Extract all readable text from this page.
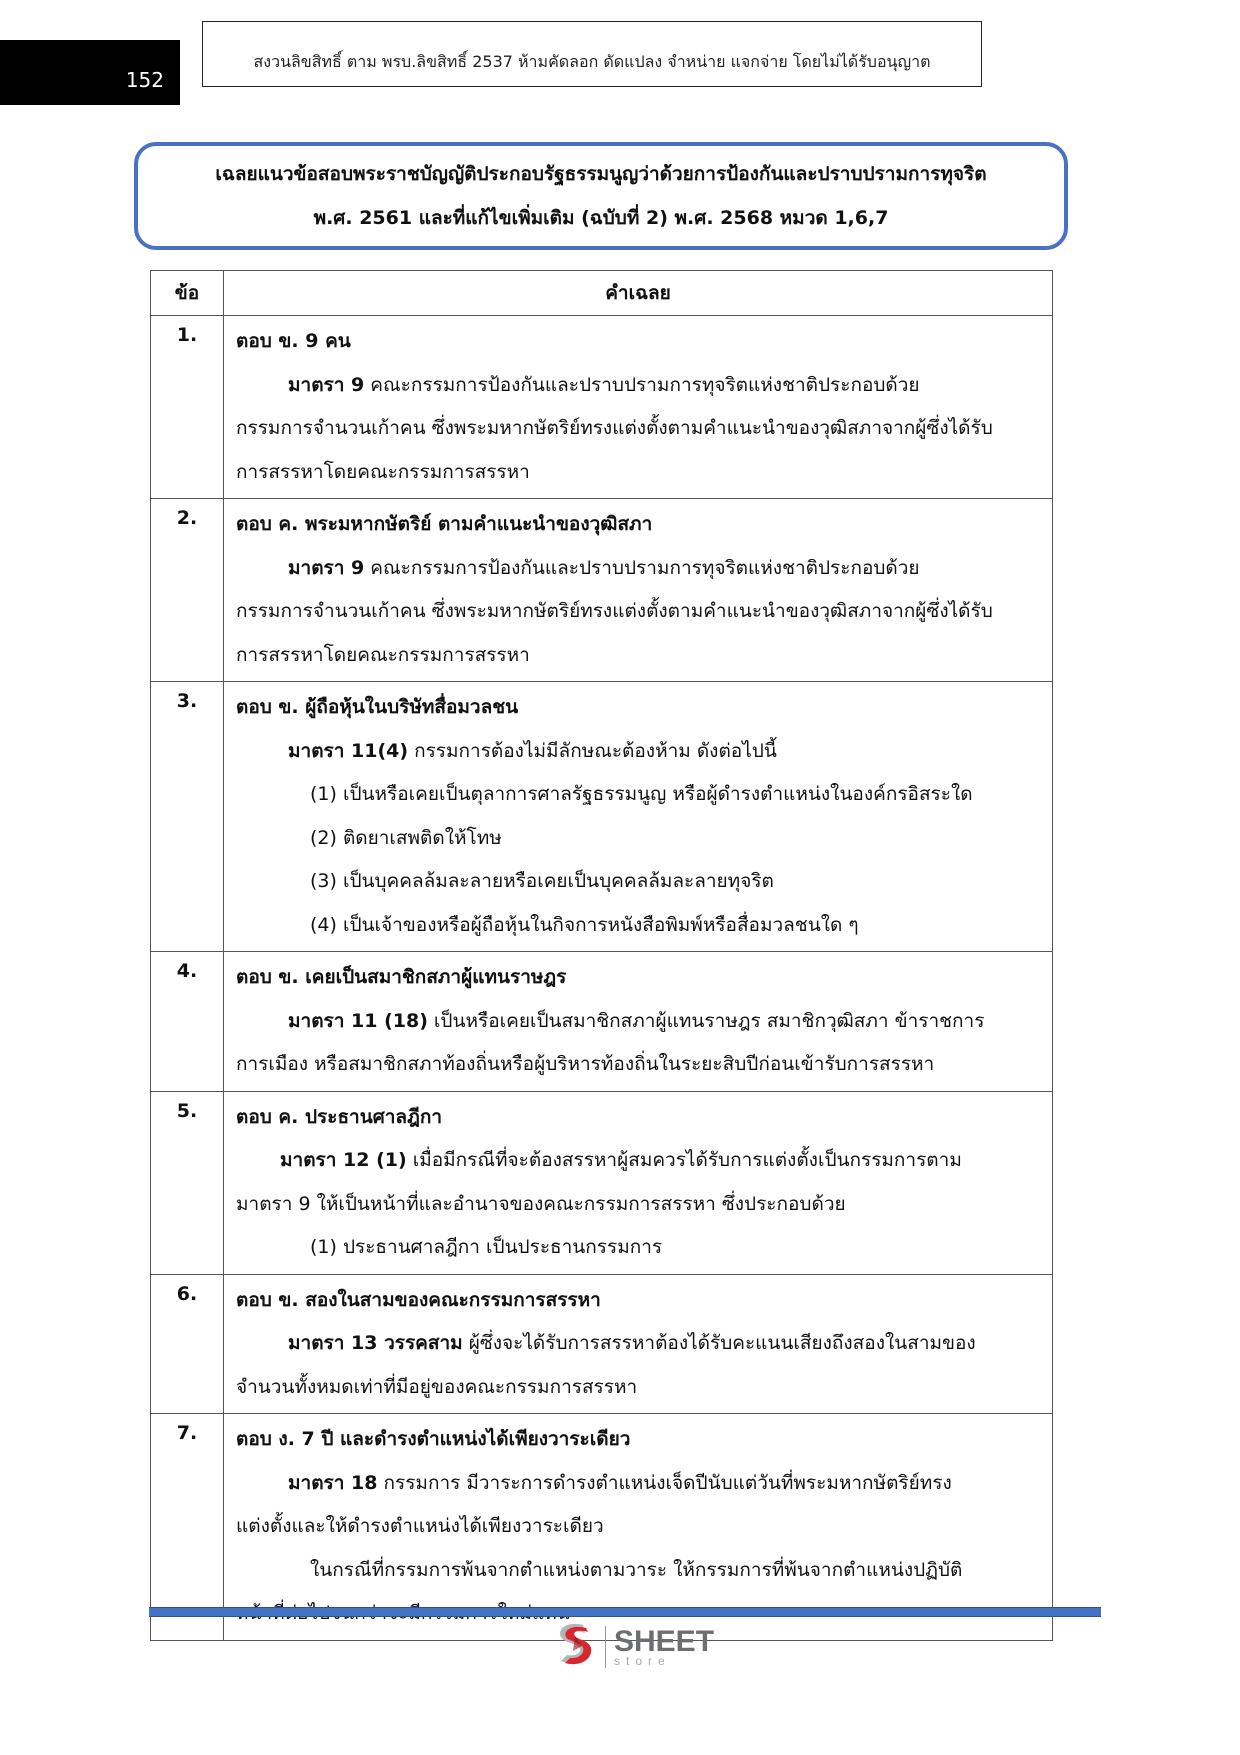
152
สงวนลิขสิทธิ์ ตาม พรบ.ลิขสิทธิ์ 2537 ห้ามคัดลอก ดัดแปลง จำหน่าย แจกจ่าย โดยไม่ได้รับอนุญาต
เฉลยแนวข้อสอบพระราชบัญญัติประกอบรัฐธรรมนูญว่าด้วยการป้องกันและปราบปรามการทุจริต
พ.ศ. 2561 และที่แก้ไขเพิ่มเติม (ฉบับที่ 2) พ.ศ. 2568 หมวด 1,6,7
ข้อ	คำเฉลย
1.	ตอบ ข. 9 คน
มาตรา 9 คณะกรรมการป้องกันและปราบปรามการทุจริตแห่งชาติประกอบด้วย
กรรมการจำนวนเก้าคน ซึ่งพระมหากษัตริย์ทรงแต่งตั้งตามคำแนะนำของวุฒิสภาจากผู้ซึ่งได้รับ
การสรรหาโดยคณะกรรมการสรรหา

2.	ตอบ ค. พระมหากษัตริย์ ตามคำแนะนำของวุฒิสภา
มาตรา 9 คณะกรรมการป้องกันและปราบปรามการทุจริตแห่งชาติประกอบด้วย
กรรมการจำนวนเก้าคน ซึ่งพระมหากษัตริย์ทรงแต่งตั้งตามคำแนะนำของวุฒิสภาจากผู้ซึ่งได้รับ
การสรรหาโดยคณะกรรมการสรรหา

3.	ตอบ ข. ผู้ถือหุ้นในบริษัทสื่อมวลชน
มาตรา 11(4) กรรมการต้องไม่มีลักษณะต้องห้าม ดังต่อไปนี้
(1) เป็นหรือเคยเป็นตุลาการศาลรัฐธรรมนูญ หรือผู้ดำรงตำแหน่งในองค์กรอิสระใด
(2) ติดยาเสพติดให้โทษ
(3) เป็นบุคคลล้มละลายหรือเคยเป็นบุคคลล้มละลายทุจริต
(4) เป็นเจ้าของหรือผู้ถือหุ้นในกิจการหนังสือพิมพ์หรือสื่อมวลชนใด ๆ

4.	ตอบ ข. เคยเป็นสมาชิกสภาผู้แทนราษฎร
มาตรา 11 (18) เป็นหรือเคยเป็นสมาชิกสภาผู้แทนราษฎร สมาชิกวุฒิสภา ข้าราชการ
การเมือง หรือสมาชิกสภาท้องถิ่นหรือผู้บริหารท้องถิ่นในระยะสิบปีก่อนเข้ารับการสรรหา

5.	ตอบ ค. ประธานศาลฎีกา
มาตรา 12 (1) เมื่อมีกรณีที่จะต้องสรรหาผู้สมควรได้รับการแต่งตั้งเป็นกรรมการตาม
มาตรา 9 ให้เป็นหน้าที่และอำนาจของคณะกรรมการสรรหา ซึ่งประกอบด้วย
(1) ประธานศาลฎีกา เป็นประธานกรรมการ

6.	ตอบ ข. สองในสามของคณะกรรมการสรรหา
มาตรา 13 วรรคสาม ผู้ซึ่งจะได้รับการสรรหาต้องได้รับคะแนนเสียงถึงสองในสามของ
จำนวนทั้งหมดเท่าที่มีอยู่ของคณะกรรมการสรรหา

7.	ตอบ ง. 7 ปี และดำรงตำแหน่งได้เพียงวาระเดียว
มาตรา 18 กรรมการ มีวาระการดำรงตำแหน่งเจ็ดปีนับแต่วันที่พระมหากษัตริย์ทรง
แต่งตั้งและให้ดำรงตำแหน่งได้เพียงวาระเดียว
ในกรณีที่กรรมการพ้นจากตำแหน่งตามวาระ ให้กรรมการที่พ้นจากตำแหน่งปฏิบัติ
SHEET
store
